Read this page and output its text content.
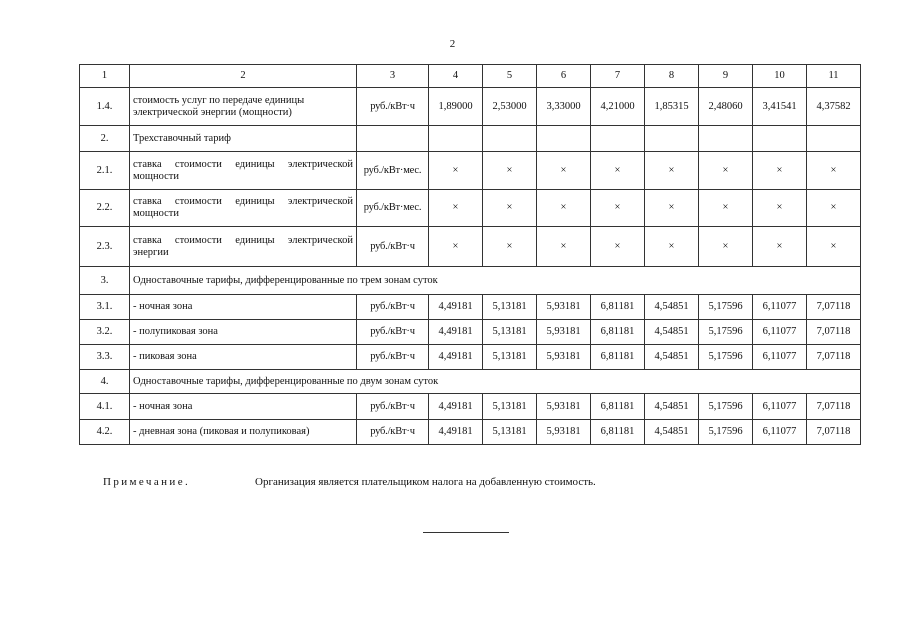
2
1	2	3	4	5	6	7	8	9	10	11
1.4.	стоимость услуг по передаче единицы электрической энергии (мощности)	руб./кВт·ч	1,89000	2,53000	3,33000	4,21000	1,85315	2,48060	3,41541	4,37582
2.	Трехставочный тариф									
2.1.	ставка стоимости единицы электрической мощности	руб./кВт·мес.	×	×	×	×	×	×	×	×
2.2.	ставка стоимости единицы электрической мощности	руб./кВт·мес.	×	×	×	×	×	×	×	×
2.3.	ставка стоимости единицы электрической энергии	руб./кВт·ч	×	×	×	×	×	×	×	×
3.	Одноставочные тарифы, дифференцированные по трем зонам суток									
3.1.	- ночная зона	руб./кВт·ч	4,49181	5,13181	5,93181	6,81181	4,54851	5,17596	6,11077	7,07118
3.2.	- полупиковая зона	руб./кВт·ч	4,49181	5,13181	5,93181	6,81181	4,54851	5,17596	6,11077	7,07118
3.3.	- пиковая зона	руб./кВт·ч	4,49181	5,13181	5,93181	6,81181	4,54851	5,17596	6,11077	7,07118
4.	Одноставочные тарифы, дифференцированные по двум зонам суток									
4.1.	- ночная зона	руб./кВт·ч	4,49181	5,13181	5,93181	6,81181	4,54851	5,17596	6,11077	7,07118
4.2.	- дневная зона (пиковая и полупиковая)	руб./кВт·ч	4,49181	5,13181	5,93181	6,81181	4,54851	5,17596	6,11077	7,07118
Примечание.	Организация является плательщиком налога на добавленную стоимость.
